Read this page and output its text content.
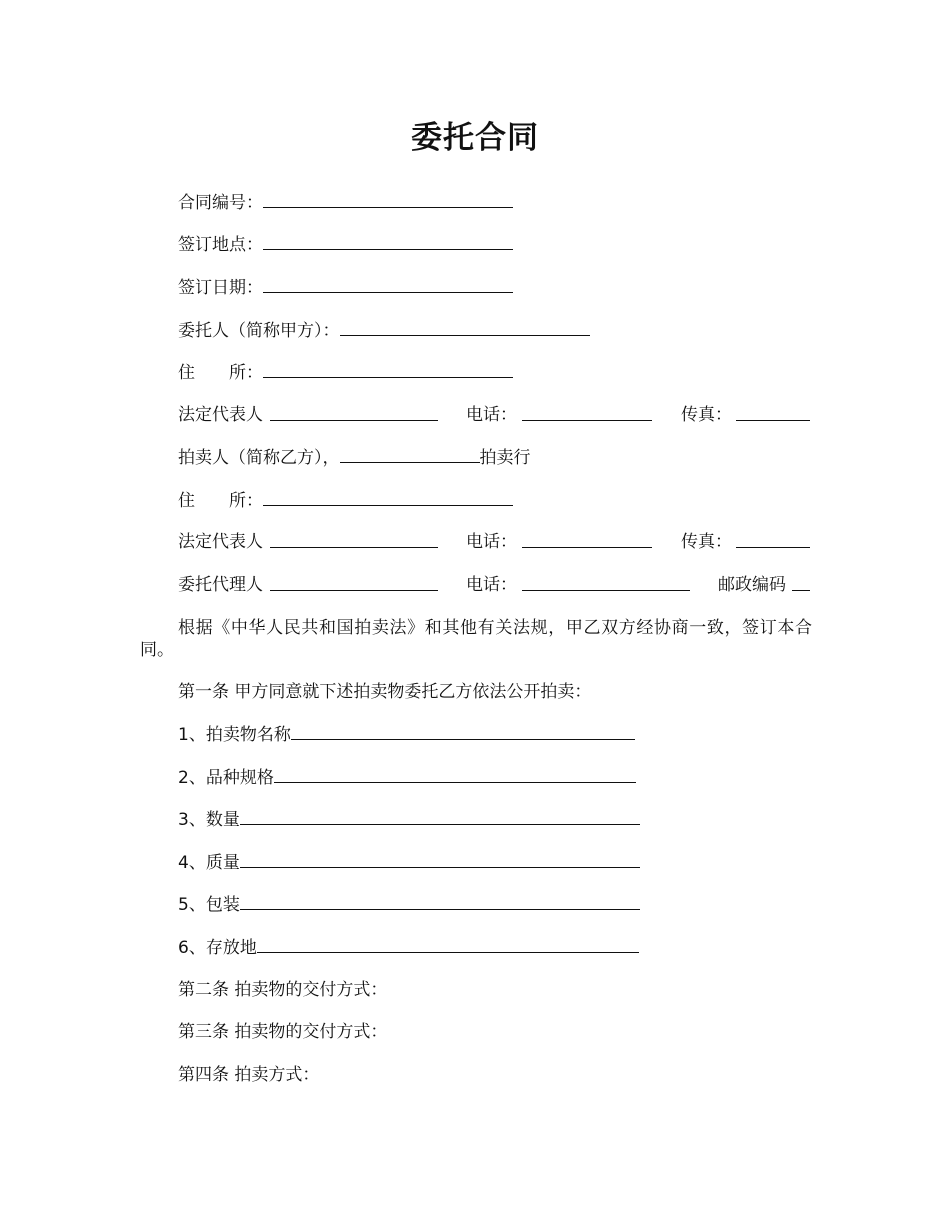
委托合同
合同编号：
签订地点：
签订日期：
委托人（简称甲方）：
住　　所：
法定代表人	电话：	传真：
拍卖人（简称乙方），	拍卖行
住　　所：
法定代表人	电话：	传真：
委托代理人	电话：	邮政编码
根据《中华人民共和国拍卖法》和其他有关法规，甲乙双方经协商一致，签订本合同。
第一条 甲方同意就下述拍卖物委托乙方依法公开拍卖：
1、拍卖物名称
2、品种规格
3、数量
4、质量
5、包装
6、存放地
第二条 拍卖物的交付方式：
第三条 拍卖物的交付方式：
第四条 拍卖方式：
